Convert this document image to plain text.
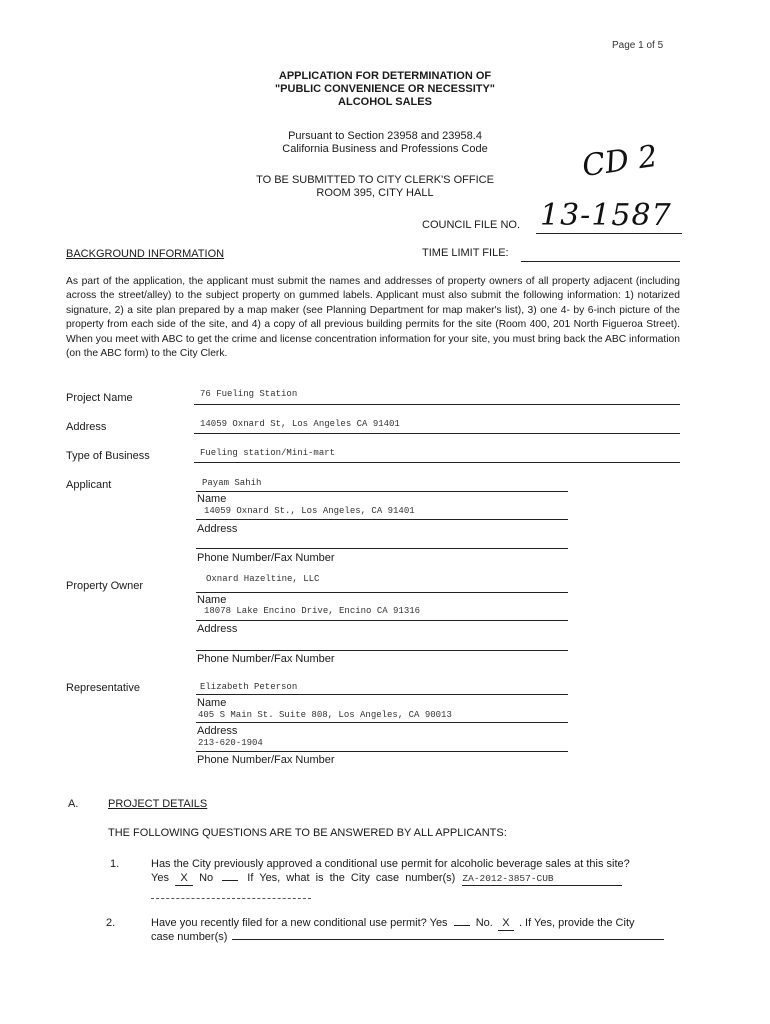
Page 1 of 5
APPLICATION FOR DETERMINATION OF
"PUBLIC CONVENIENCE OR NECESSITY"
ALCOHOL SALES
Pursuant to Section 23958 and 23958.4
California Business and Professions Code
TO BE SUBMITTED TO CITY CLERK'S OFFICE
ROOM 395, CITY HALL
CD 2
COUNCIL FILE NO. 13-1587
BACKGROUND INFORMATION	TIME LIMIT FILE:
As part of the application, the applicant must submit the names and addresses of property owners of all property adjacent (including across the street/alley) to the subject property on gummed labels. Applicant must also submit the following information: 1) notarized signature, 2) a site plan prepared by a map maker (see Planning Department for map maker's list), 3) one 4- by 6-inch picture of the property from each side of the site, and 4) a copy of all previous building permits for the site (Room 400, 201 North Figueroa Street). When you meet with ABC to get the crime and license concentration information for your site, you must bring back the ABC information (on the ABC form) to the City Clerk.
Project Name	76 Fueling Station
Address	14059 Oxnard St, Los Angeles CA 91401
Type of Business	Fueling station/Mini-mart
Applicant	Payam Sahih
Name
14059 Oxnard St., Los Angeles, CA 91401
Address
Phone Number/Fax Number
Property Owner
Oxnard Hazeltine, LLC
Name
18078 Lake Encino Drive, Encino CA 91316
Address
Phone Number/Fax Number
Representative	Elizabeth Peterson
Name
405 S Main St. Suite 808, Los Angeles, CA 90013
Address
213-620-1904
Phone Number/Fax Number
A.	PROJECT DETAILS
THE FOLLOWING QUESTIONS ARE TO BE ANSWERED BY ALL APPLICANTS:
1.	Has the City previously approved a conditional use permit for alcoholic beverage sales at this site?
Yes X No	If Yes, what is the City case number(s) ZA-2012-3857-CUB
2.	Have you recently filed for a new conditional use permit? Yes	No. X . If Yes, provide the City
case number(s)
